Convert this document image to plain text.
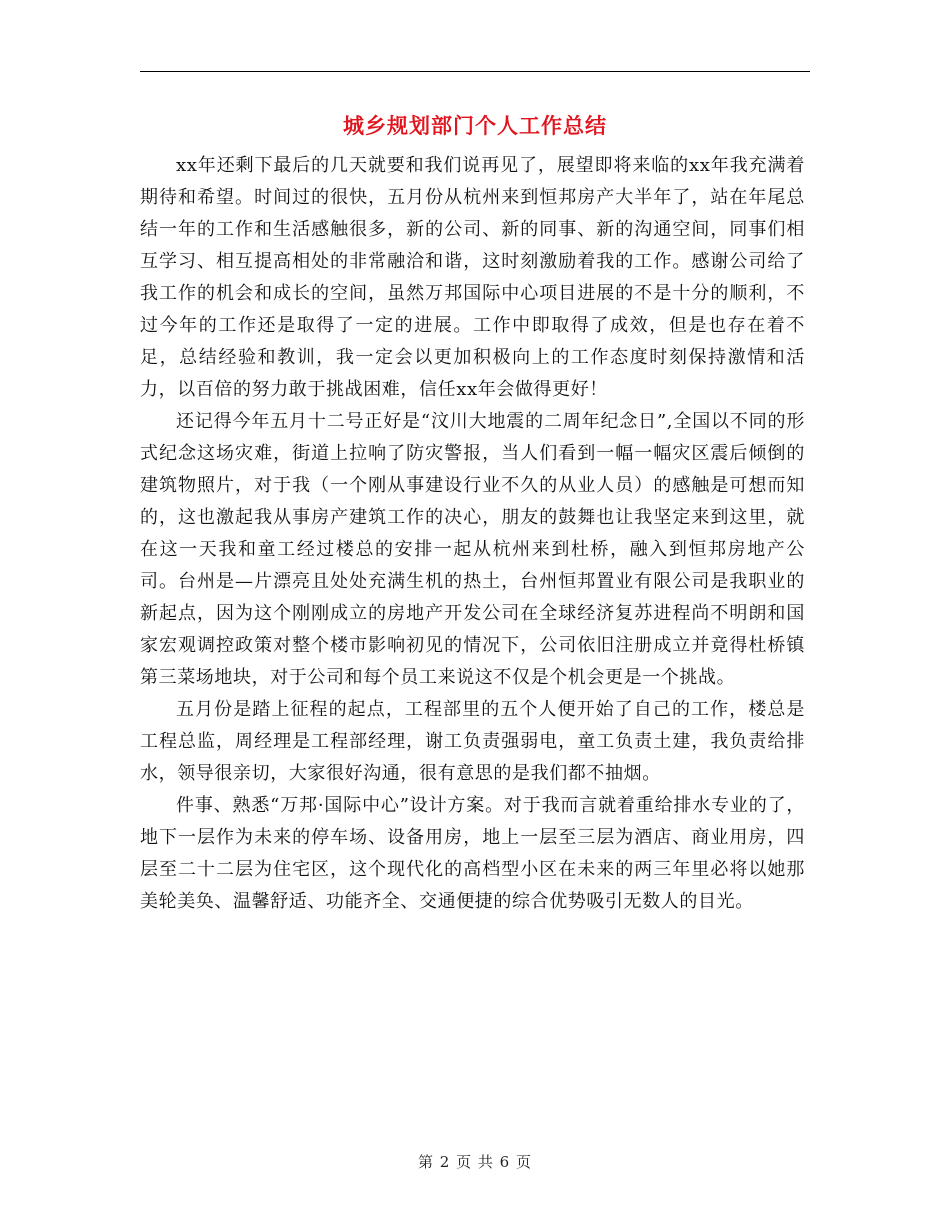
城乡规划部门个人工作总结

xx年还剩下最后的几天就要和我们说再见了，展望即将来临的xx年我充满着期待和希望。时间过的很快，五月份从杭州来到恒邦房产大半年了，站在年尾总结一年的工作和生活感触很多，新的公司、新的同事、新的沟通空间，同事们相互学习、相互提高相处的非常融洽和谐，这时刻激励着我的工作。感谢公司给了我工作的机会和成长的空间，虽然万邦国际中心项目进展的不是十分的顺利，不过今年的工作还是取得了一定的进展。工作中即取得了成效，但是也存在着不足，总结经验和教训，我一定会以更加积极向上的工作态度时刻保持激情和活力，以百倍的努力敢于挑战困难，信任xx年会做得更好！

还记得今年五月十二号正好是“汶川大地震的二周年纪念日”,全国以不同的形式纪念这场灾难，街道上拉响了防灾警报，当人们看到一幅一幅灾区震后倾倒的建筑物照片，对于我（一个刚从事建设行业不久的从业人员）的感触是可想而知的，这也激起我从事房产建筑工作的决心，朋友的鼓舞也让我坚定来到这里，就在这一天我和童工经过楼总的安排一起从杭州来到杜桥，融入到恒邦房地产公司。台州是—片漂亮且处处充满生机的热土，台州恒邦置业有限公司是我职业的新起点，因为这个刚刚成立的房地产开发公司在全球经济复苏进程尚不明朗和国家宏观调控政策对整个楼市影响初见的情况下，公司依旧注册成立并竟得杜桥镇第三菜场地块，对于公司和每个员工来说这不仅是个机会更是一个挑战。

五月份是踏上征程的起点，工程部里的五个人便开始了自己的工作，楼总是工程总监，周经理是工程部经理，谢工负责强弱电，童工负责土建，我负责给排水，领导很亲切，大家很好沟通，很有意思的是我们都不抽烟。

件事、熟悉“万邦·国际中心”设计方案。对于我而言就着重给排水专业的了，地下一层作为未来的停车场、设备用房，地上一层至三层为酒店、商业用房，四层至二十二层为住宅区，这个现代化的高档型小区在未来的两三年里必将以她那美轮美奂、温馨舒适、功能齐全、交通便捷的综合优势吸引无数人的目光。

第 2 页 共 6 页
